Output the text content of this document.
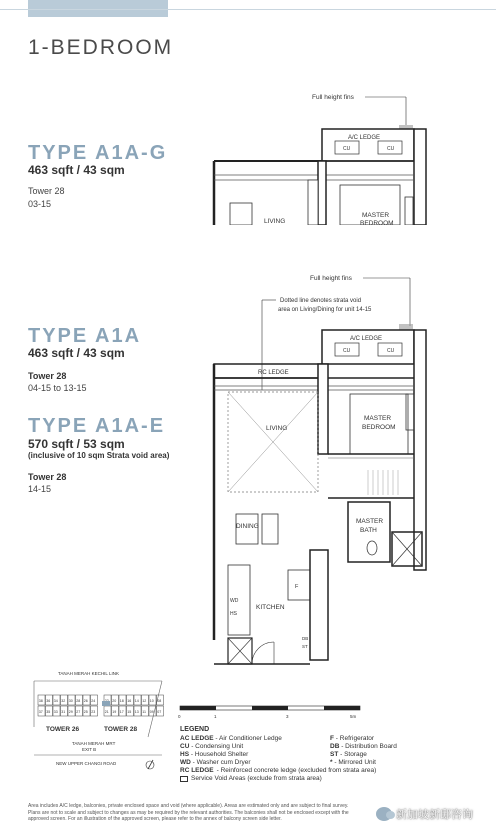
1-BEDROOM
TYPE A1A-G
463 sqft / 43 sqm
Tower 28
03-15
TYPE A1A
463 sqft / 43 sqm
Tower 28
04-15 to 13-15
TYPE A1A-E
570 sqft / 53 sqm
(inclusive of 10 sqm Strata void area)
Tower 28
14-15
Full height fins
A/C LEDGE
CU	CU
LIVING
MASTER
BEDROOM
Full height fins
Dotted line denotes strata void
area on Living/Dining for unit 14-15
A/C LEDGE
CU	CU
RC LEDGE
LIVING
MASTER
BEDROOM
MASTER
BATH
DINING
WD
HS
KITCHEN
F
DB
ST
TANAH MERAH KECHIL LINK
38 36 34 32 30 28 26 24	20 18 16 14 12 10 08
37 35 33 31 29 27 25 23	21 19 17 15 13 11 09 07
TOWER 26	TOWER 28
TANAH MERAH MRT
EXIT B
NEW UPPER CHANGI ROAD
0	1	3	5m
LEGEND
AC LEDGE - Air Conditioner Ledge	F - Refrigerator
CU - Condensing Unit	DB - Distribution Board
HS - Household Shelter	ST - Storage
WD - Washer cum Dryer	* - Mirrored Unit
RC LEDGE - Reinforced concrete ledge (excluded from strata area)
Service Void Areas (exclude from strata area)
Area includes A/C ledge, balconies, private enclosed space and void (where applicable). Areas are estimated only and are subject to final survey.
Plans are not to scale and subject to changes as may be required by the relevant authorities. The balconies shall not be enclosed except with the
approved screen. For an illustration of the approved screen, please refer to the annex of balcony screen side letter.	新加坡新邸咨询
